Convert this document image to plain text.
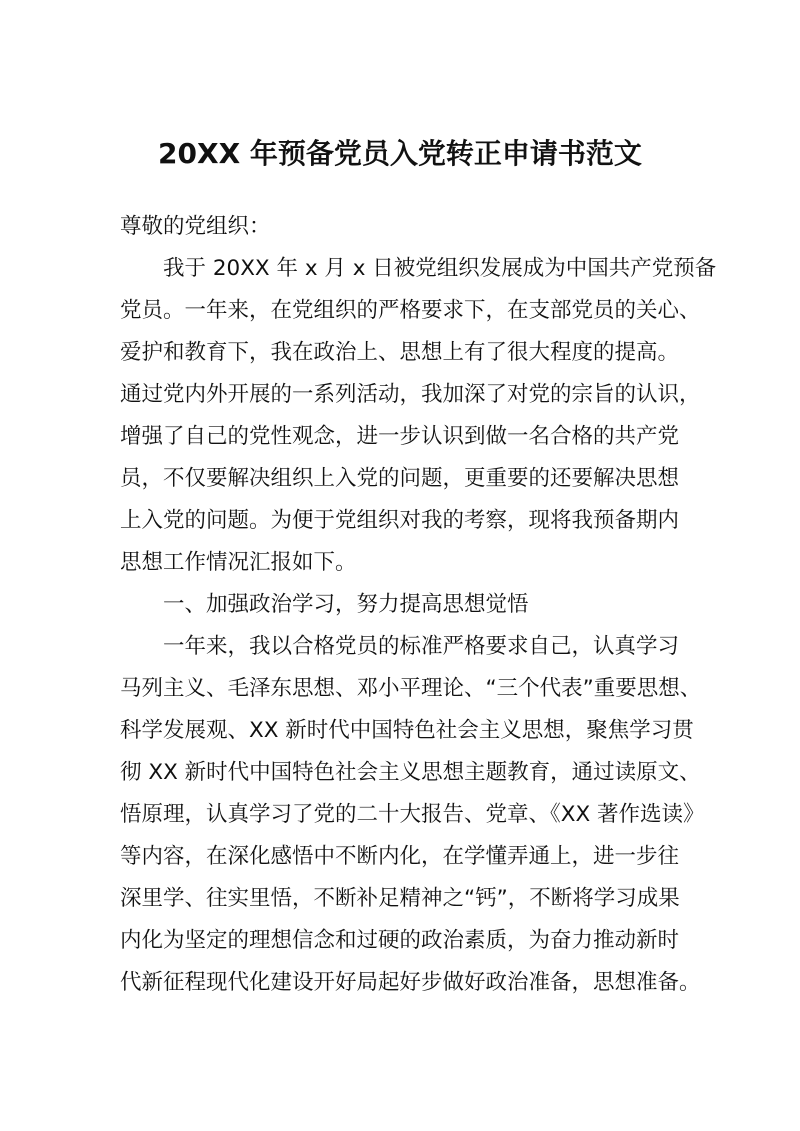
20XX 年预备党员入党转正申请书范文
尊敬的党组织：
我于 20XX 年 x 月 x 日被党组织发展成为中国共产党预备
党员。一年来，在党组织的严格要求下，在支部党员的关心、
爱护和教育下，我在政治上、思想上有了很大程度的提高。
通过党内外开展的一系列活动，我加深了对党的宗旨的认识，
增强了自己的党性观念，进一步认识到做一名合格的共产党
员，不仅要解决组织上入党的问题，更重要的还要解决思想
上入党的问题。为便于党组织对我的考察，现将我预备期内
思想工作情况汇报如下。
一、加强政治学习，努力提高思想觉悟
一年来，我以合格党员的标准严格要求自己，认真学习
马列主义、毛泽东思想、邓小平理论、“三个代表”重要思想、
科学发展观、XX 新时代中国特色社会主义思想，聚焦学习贯
彻 XX 新时代中国特色社会主义思想主题教育，通过读原文、
悟原理，认真学习了党的二十大报告、党章、《XX 著作选读》
等内容，在深化感悟中不断内化，在学懂弄通上，进一步往
深里学、往实里悟，不断补足精神之“钙”，不断将学习成果
内化为坚定的理想信念和过硬的政治素质，为奋力推动新时
代新征程现代化建设开好局起好步做好政治准备，思想准备。
